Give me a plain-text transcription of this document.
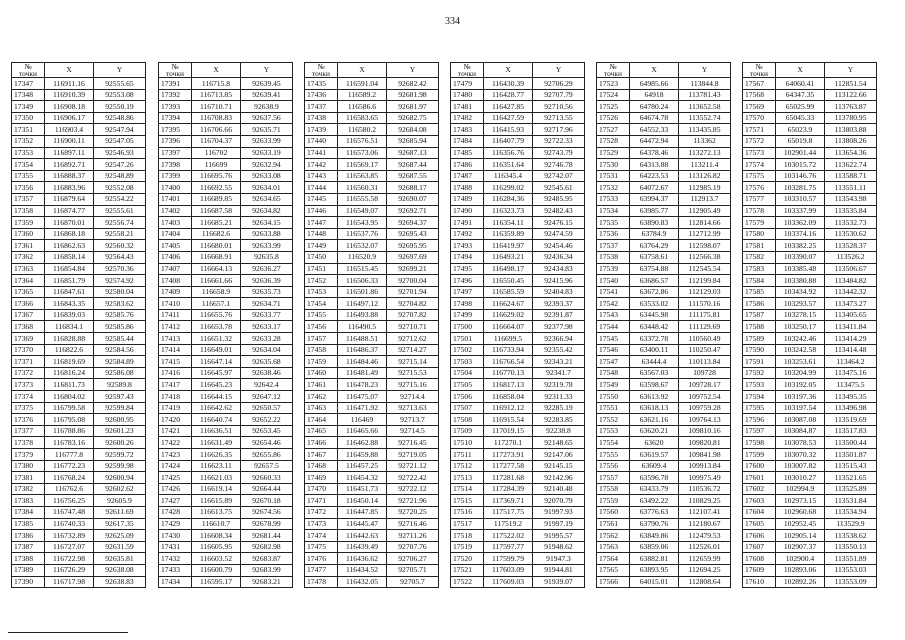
334
№
точки	X	Y
17347	116911.16	92555.65
17348	116910.39	92553.08
17349	116908.18	92550.19
17350	116906.17	92548.86
17351	116903.4	92547.94
17352	116900.11	92547.05
17353	116897.11	92546.93
17354	116892.71	92547.26
17355	116888.37	92548.89
17356	116883.96	92552.08
17357	116879.64	92554.22
17358	116874.77	92555.61
17359	116870.01	92556.74
17360	116868.18	92558.21
17361	116862.63	92560.32
17362	116858.14	92564.43
17363	116854.84	92570.36
17364	116851.79	92574.92
17365	116847.61	92580.04
17366	116843.35	92583.62
17367	116839.03	92585.76
17368	116834.1	92585.86
17369	116828.88	92585.44
17370	116822.6	92584.56
17371	116819.69	92584.89
17372	116816.24	92586.08
17373	116811.73	92589.8
17374	116804.02	92597.43
17375	116799.58	92599.84
17376	116795.08	92600.95
17377	116788.86	92601.23
17378	116783.16	92600.26
17379	116777.8	92599.72
17380	116772.23	92599.98
17381	116768.24	92600.94
17382	116762.6	92602.62
17383	116756.25	92605.9
17384	116747.48	92611.69
17385	116740.33	92617.35
17386	116732.89	92625.09
17387	116727.07	92631.59
17388	116722.98	92635.81
17389	116726.29	92638.08
17390	116717.98	92638.83
№
точки	X	Y
17391	116715.8	92639.45
17392	116713.85	92639.41
17393	116710.71	92638.9
17394	116708.83	92637.56
17395	116706.66	92635.71
17396	116704.37	92633.99
17397	116702	92633.19
17398	116699	92632.94
17399	116695.76	92633.08
17400	116692.55	92634.01
17401	116689.85	92634.65
17402	116687.58	92634.82
17403	116685.21	92634.15
17404	116682.6	92633.88
17405	116680.01	92633.99
17406	116668.91	92635.8
17407	116664.13	92636.27
17408	116661.66	92636.39
17409	116658.9	92635.73
17410	116657.1	92634.71
17411	116655.76	92633.77
17412	116653.78	92633.17
17413	116651.32	92633.28
17414	116649.01	92634.04
17415	116647.14	92635.68
17416	116645.97	92638.46
17417	116645.23	92642.4
17418	116644.15	92647.12
17419	116642.62	92650.57
17420	116640.74	92652.22
17421	116636.51	92653.45
17422	116631.49	92654.46
17423	116626.35	92655.86
17424	116623.11	92657.5
17425	116621.03	92660.33
17426	116619.14	92664.44
17427	116615.89	92670.18
17428	116613.75	92674.56
17429	116610.7	92678.99
17430	116608.34	92681.44
17431	116605.95	92682.98
17432	116603.52	92683.87
17433	116600.79	92683.99
17434	116595.17	92683.21
№
точки	X	Y
17435	116591.04	92682.42
17436	116589.2	92681.98
17437	116586.6	92681.97
17438	116583.65	92682.75
17439	116580.2	92684.08
17440	116576.51	92685.94
17441	116573.06	92687.13
17442	116569.17	92687.44
17443	116563.85	92687.55
17444	116560.31	92688.17
17445	116555.58	92690.07
17446	116549.07	92692.71
17447	116543.95	92694.37
17448	116537.76	92695.43
17449	116532.07	92695.95
17450	116520.9	92697.69
17451	116515.45	92699.21
17452	116506.33	92700.04
17453	116501.86	92701.94
17454	116497.12	92704.82
17455	116493.88	92707.82
17456	116490.5	92710.71
17457	116488.51	92712.62
17458	116486.37	92714.27
17459	116484.46	92715.14
17460	116481.49	92715.53
17461	116478.23	92715.16
17462	116475.07	92714.4
17463	116471.92	92713.63
17464	116469	92713.7
17465	116465.66	92714.5
17466	116462.88	92716.45
17467	116459.88	92719.05
17468	116457.25	92721.12
17469	116454.32	92722.42
17470	116451.73	92722.12
17471	116450.14	92721.96
17472	116447.85	92720.25
17473	116445.47	92716.46
17474	116442.63	92711.26
17475	116439.49	92707.76
17476	116436.62	92706.27
17477	116434.52	92705.71
17478	116432.05	92705.7
№
точки	X	Y
17479	116430.39	92706.29
17480	116428.77	92707.79
17481	116427.85	92710.56
17482	116427.59	92713.55
17483	116415.93	92717.96
17484	116407.79	92722.33
17485	116356.76	92743.79
17486	116351.64	92746.78
17487	116345.4	92742.07
17488	116299.02	92545.61
17489	116284.36	92485.95
17490	116323.73	92482.43
17491	116354.11	92476.15
17492	116359.89	92474.59
17493	116419.97	92454.46
17494	116493.21	92436.34
17495	116498.17	92434.83
17496	116550.45	92415.96
17497	116585.59	92404.83
17498	116624.67	92393.37
17499	116629.02	92391.87
17500	116664.07	92377.98
17501	116699.5	92366.94
17502	116733.94	92355.42
17503	116766.54	92343.21
17504	116770.13	92341.7
17505	116817.13	92319.78
17506	116858.04	92311.33
17507	116912.12	92285.19
17508	116915.54	92283.85
17509	117019.15	92238.8
17510	117270.1	92148.65
17511	117273.91	92147.06
17512	117277.58	92145.15
17513	117281.68	92142.96
17514	117284.39	92140.48
17515	117369.71	92070.79
17516	117517.75	91997.93
17517	117519.2	91997.19
17518	117522.02	91995.57
17519	117597.77	91948.62
17520	117599.79	91947.3
17521	117603.09	91944.81
17522	117609.03	91939.07
№
точки	X	Y
17523	64985.66	113844.8
17524	64918	113781.43
17525	64780.24	113652.58
17526	64674.78	113552.74
17527	64552.33	113435.85
17528	64472.94	113362
17529	64378.46	113272.13
17530	64313.88	113211.4
17531	64223.53	113126.82
17532	64072.67	112985.19
17533	63994.37	112913.7
17534	63985.77	112905.49
17535	63890.83	112814.66
17536	63784.9	112712.99
17537	63764.29	112598.07
17538	63758.61	112566.38
17539	63754.88	112545.54
17540	63686.57	112199.84
17541	63672.86	112129.03
17542	63533.02	111570.16
17543	63445.98	111175.81
17544	63448.42	111129.69
17545	63372.78	110560.49
17546	63400.11	110250.47
17547	63444.4	110113.84
17548	63567.03	109728
17549	63598.67	109728.17
17550	63613.92	109752.54
17551	63618.13	109759.28
17552	63621.16	109764.13
17553	63620.21	109810.16
17554	63620	109820.81
17555	63619.57	109841.98
17556	63609.4	109913.84
17557	63596.78	109975.49
17558	63433.79	110536.72
17559	63492.22	110829.25
17560	63776.63	112107.41
17561	63790.76	112180.67
17562	63849.86	112479.53
17563	63859.06	112526.01
17564	63882.81	112659.99
17565	63893.95	112694.25
17566	64015.01	112808.64
№
точки	X	Y
17567	64060.41	112851.54
17568	64347.35	113122.66
17569	65025.99	113763.87
17570	65045.33	113780.95
17571	65023.9	113803.88
17572	65019.8	113808.26
17573	102901.44	113654.36
17574	103015.72	113622.74
17575	103146.76	113588.71
17576	103281.75	113551.11
17577	103310.57	113543.98
17578	103337.99	113535.84
17579	103362.09	113532.73
17580	103374.16	113530.62
17581	103382.25	113528.37
17582	103390.07	113526.2
17583	103385.48	113506.67
17584	103380.88	113484.82
17585	103434.92	113442.32
17586	103293.57	113473.27
17587	103278.15	113405.65
17588	103250.17	113411.84
17589	103242.46	113414.29
17590	103242.58	113414.48
17591	103253.61	113464.2
17592	103204.99	113475.16
17593	103192.05	113475.5
17594	103197.36	113495.35
17595	103197.54	113496.98
17596	103087.08	113519.69
17597	103084.87	113517.83
17598	103078.53	113500.44
17599	103070.32	113501.87
17600	103007.82	113515.43
17601	103010.27	113521.65
17602	102994.9	113525.89
17603	102973.15	113531.84
17604	102960.68	113534.94
17605	102952.45	113529.9
17606	102905.14	113538.62
17607	102907.37	113550.13
17608	102900.4	113551.89
17609	102893.06	113553.03
17610	102892.26	113553.09
